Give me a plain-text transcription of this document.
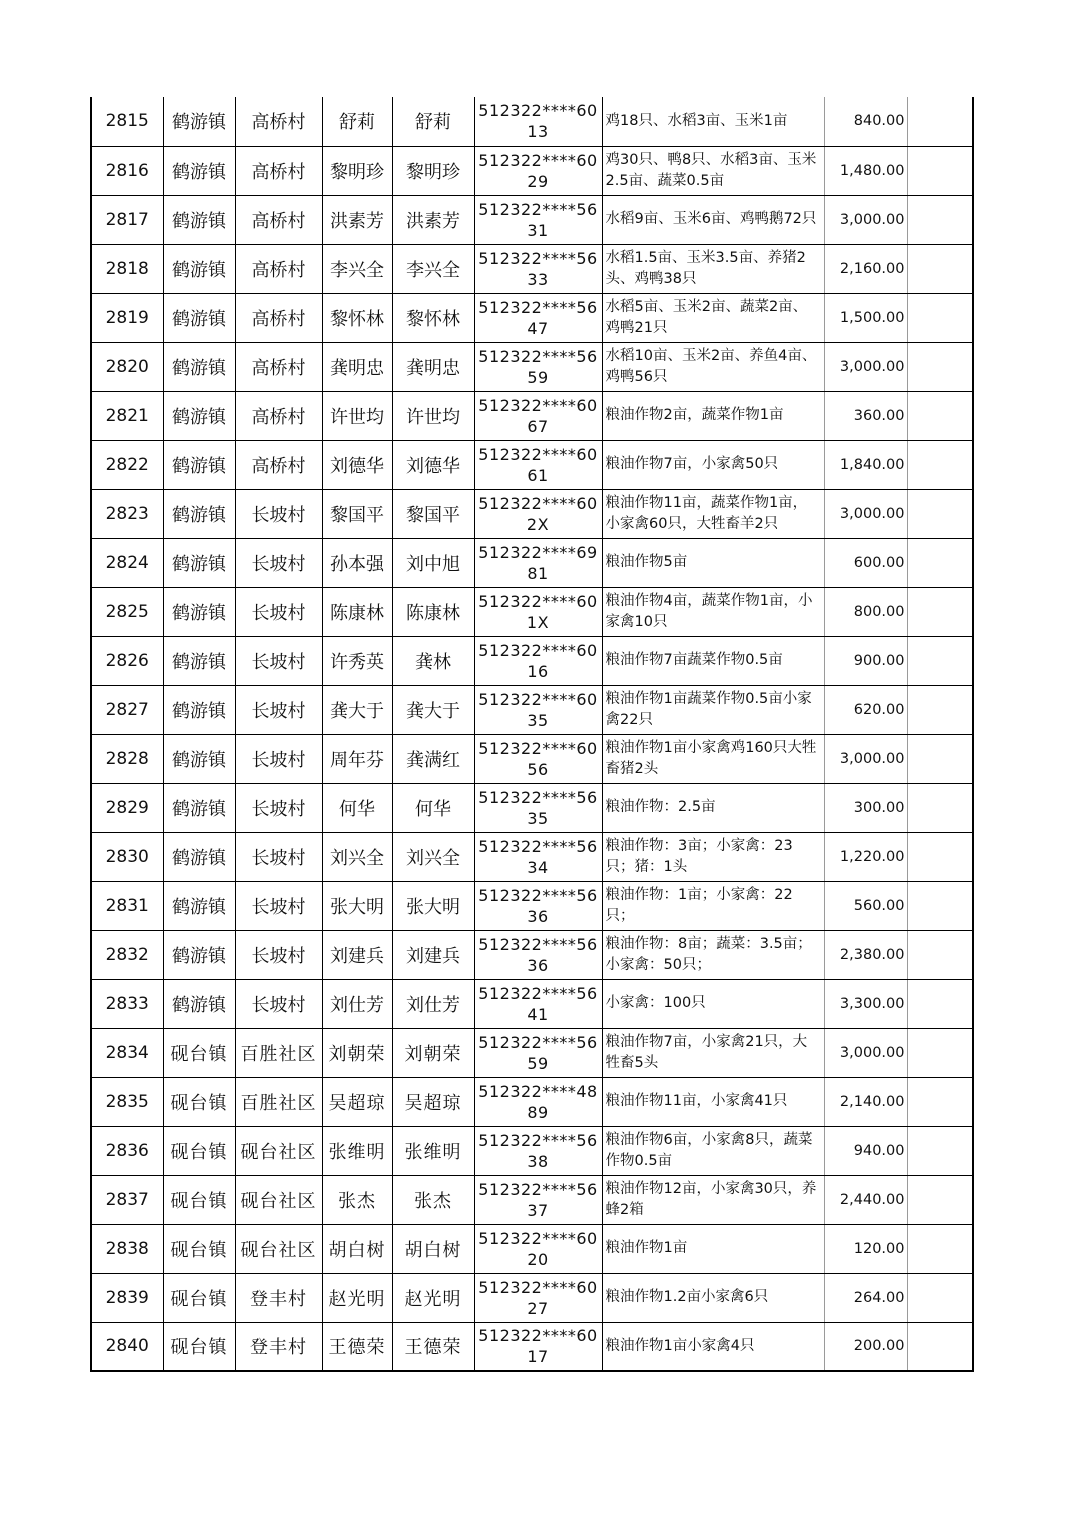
2815	鹤游镇	高桥村	舒莉	舒莉	512322****6013	鸡18只、水稻3亩、玉米1亩	840.00	
2816	鹤游镇	高桥村	黎明珍	黎明珍	512322****6029	鸡30只、鸭8只、水稻3亩、玉米2.5亩、蔬菜0.5亩	1,480.00	
2817	鹤游镇	高桥村	洪素芳	洪素芳	512322****5631	水稻9亩、玉米6亩、鸡鸭鹅72只	3,000.00	
2818	鹤游镇	高桥村	李兴全	李兴全	512322****5633	水稻1.5亩、玉米3.5亩、养猪2头、鸡鸭38只	2,160.00	
2819	鹤游镇	高桥村	黎怀林	黎怀林	512322****5647	水稻5亩、玉米2亩、蔬菜2亩、鸡鸭21只	1,500.00	
2820	鹤游镇	高桥村	龚明忠	龚明忠	512322****5659	水稻10亩、玉米2亩、养鱼4亩、鸡鸭56只	3,000.00	
2821	鹤游镇	高桥村	许世均	许世均	512322****6067	粮油作物2亩，蔬菜作物1亩	360.00	
2822	鹤游镇	高桥村	刘德华	刘德华	512322****6061	粮油作物7亩，小家禽50只	1,840.00	
2823	鹤游镇	长坡村	黎国平	黎国平	512322****602X	粮油作物11亩，蔬菜作物1亩，小家禽60只，大牲畜羊2只	3,000.00	
2824	鹤游镇	长坡村	孙本强	刘中旭	512322****6981	粮油作物5亩	600.00	
2825	鹤游镇	长坡村	陈康林	陈康林	512322****601X	粮油作物4亩，蔬菜作物1亩，小家禽10只	800.00	
2826	鹤游镇	长坡村	许秀英	龚林	512322****6016	粮油作物7亩蔬菜作物0.5亩	900.00	
2827	鹤游镇	长坡村	龚大于	龚大于	512322****6035	粮油作物1亩蔬菜作物0.5亩小家禽22只	620.00	
2828	鹤游镇	长坡村	周年芬	龚满红	512322****6056	粮油作物1亩小家禽鸡160只大牲畜猪2头	3,000.00	
2829	鹤游镇	长坡村	何华	何华	512322****5635	粮油作物：2.5亩	300.00	
2830	鹤游镇	长坡村	刘兴全	刘兴全	512322****5634	粮油作物：3亩；小家禽：23只；猪：1头	1,220.00	
2831	鹤游镇	长坡村	张大明	张大明	512322****5636	粮油作物：1亩；小家禽：22只；	560.00	
2832	鹤游镇	长坡村	刘建兵	刘建兵	512322****5636	粮油作物：8亩；蔬菜：3.5亩；小家禽：50只；	2,380.00	
2833	鹤游镇	长坡村	刘仕芳	刘仕芳	512322****5641	小家禽：100只	3,300.00	
2834	砚台镇	百胜社区	刘朝荣	刘朝荣	512322****5659	粮油作物7亩，小家禽21只，大牲畜5头	3,000.00	
2835	砚台镇	百胜社区	吴超琼	吴超琼	512322****4889	粮油作物11亩，小家禽41只	2,140.00	
2836	砚台镇	砚台社区	张维明	张维明	512322****5638	粮油作物6亩，小家禽8只，蔬菜作物0.5亩	940.00	
2837	砚台镇	砚台社区	张杰	张杰	512322****5637	粮油作物12亩，小家禽30只，养蜂2箱	2,440.00	
2838	砚台镇	砚台社区	胡白树	胡白树	512322****6020	粮油作物1亩	120.00	
2839	砚台镇	登丰村	赵光明	赵光明	512322****6027	粮油作物1.2亩小家禽6只	264.00	
2840	砚台镇	登丰村	王德荣	王德荣	512322****6017	粮油作物1亩小家禽4只	200.00	
